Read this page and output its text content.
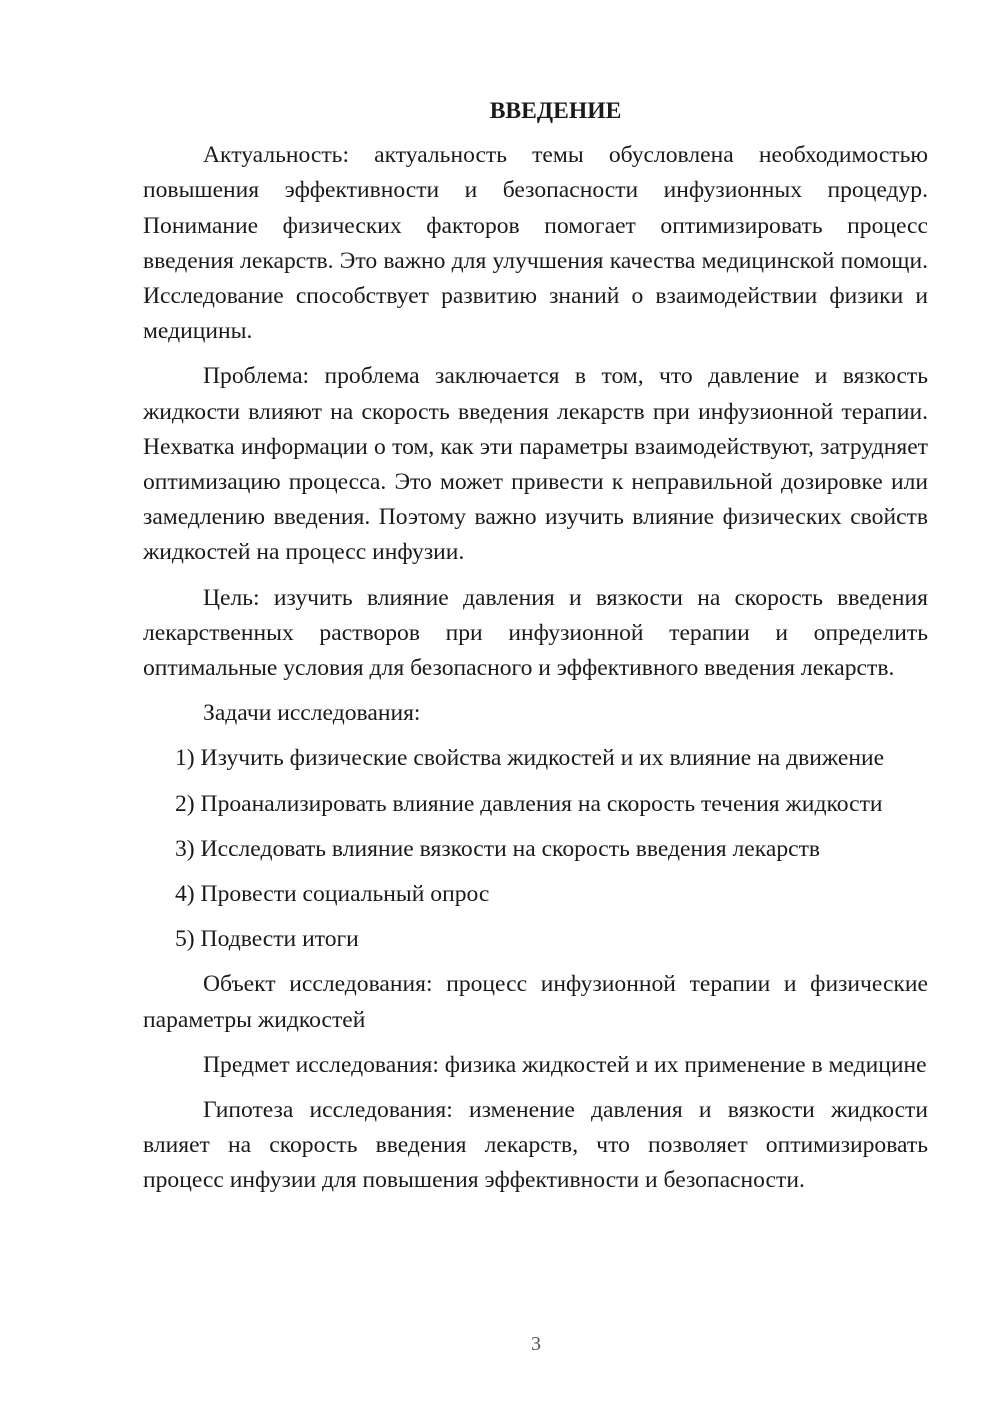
ВВЕДЕНИЕ

Актуальность: актуальность темы обусловлена необходимостью повышения эффективности и безопасности инфузионных процедур. Понимание физических факторов помогает оптимизировать процесс введения лекарств. Это важно для улучшения качества медицинской помощи. Исследование способствует развитию знаний о взаимодействии физики и медицины.

Проблема: проблема заключается в том, что давление и вязкость жидкости влияют на скорость введения лекарств при инфузионной терапии. Нехватка информации о том, как эти параметры взаимодействуют, затрудняет оптимизацию процесса. Это может привести к неправильной дозировке или замедлению введения. Поэтому важно изучить влияние физических свойств жидкостей на процесс инфузии.

Цель: изучить влияние давления и вязкости на скорость введения лекарственных растворов при инфузионной терапии и определить оптимальные условия для безопасного и эффективного введения лекарств.

Задачи исследования:

1) Изучить физические свойства жидкостей и их влияние на движение
2) Проанализировать влияние давления на скорость течения жидкости
3) Исследовать влияние вязкости на скорость введения лекарств
4) Провести социальный опрос
5) Подвести итоги

Объект исследования: процесс инфузионной терапии и физические параметры жидкостей

Предмет исследования: физика жидкостей и их применение в медицине

Гипотеза исследования: изменение давления и вязкости жидкости влияет на скорость введения лекарств, что позволяет оптимизировать процесс инфузии для повышения эффективности и безопасности.

3
